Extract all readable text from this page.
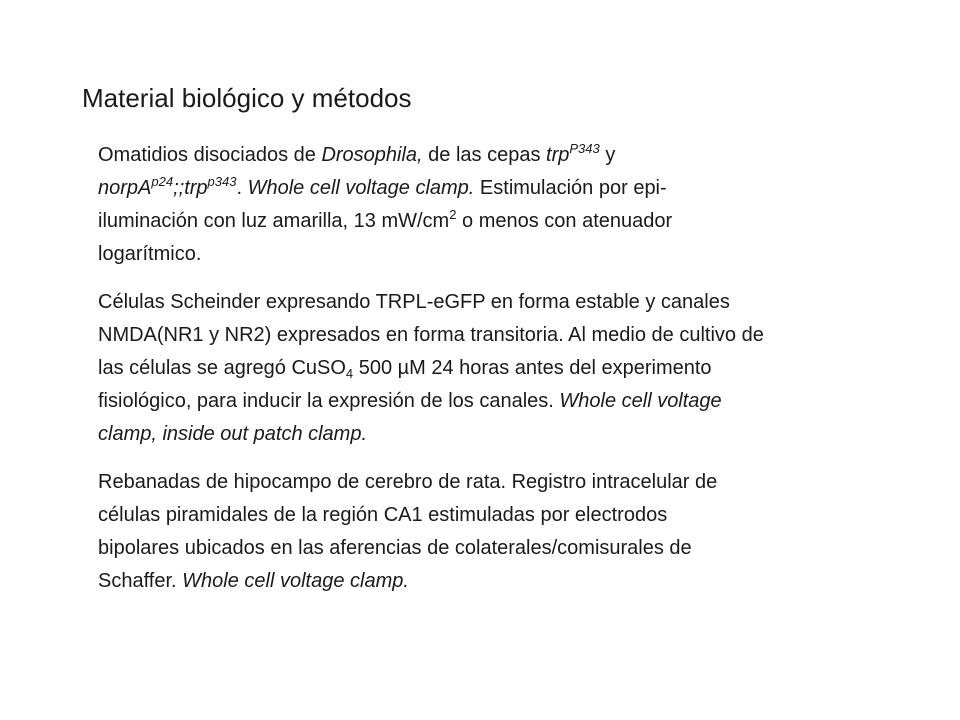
Material biológico y métodos

Omatidios disociados de Drosophila, de las cepas trp$^{P343}$ y
norpA$^{p24}$;;trp$^{p343}$. Whole cell voltage clamp. Estimulación por epi-
iluminación con luz amarilla, 13 $mW/cm^2$ o menos con atenuador
logarítmico.

Células Scheinder expresando TRPL-eGFP en forma estable y canales
NMDA(NR1 y NR2) expresados en forma transitoria. Al medio de cultivo de
las células se agregó CuSO$_4$ 500 µM 24 horas antes del experimento
fisiológico, para inducir la expresión de los canales. Whole cell voltage
clamp, inside out patch clamp.

Rebanadas de hipocampo de cerebro de rata. Registro intracelular de
células piramidales de la región CA1 estimuladas por electrodos
bipolares ubicados en las aferencias de colaterales/comisurales de
Schaffer. Whole cell voltage clamp.
